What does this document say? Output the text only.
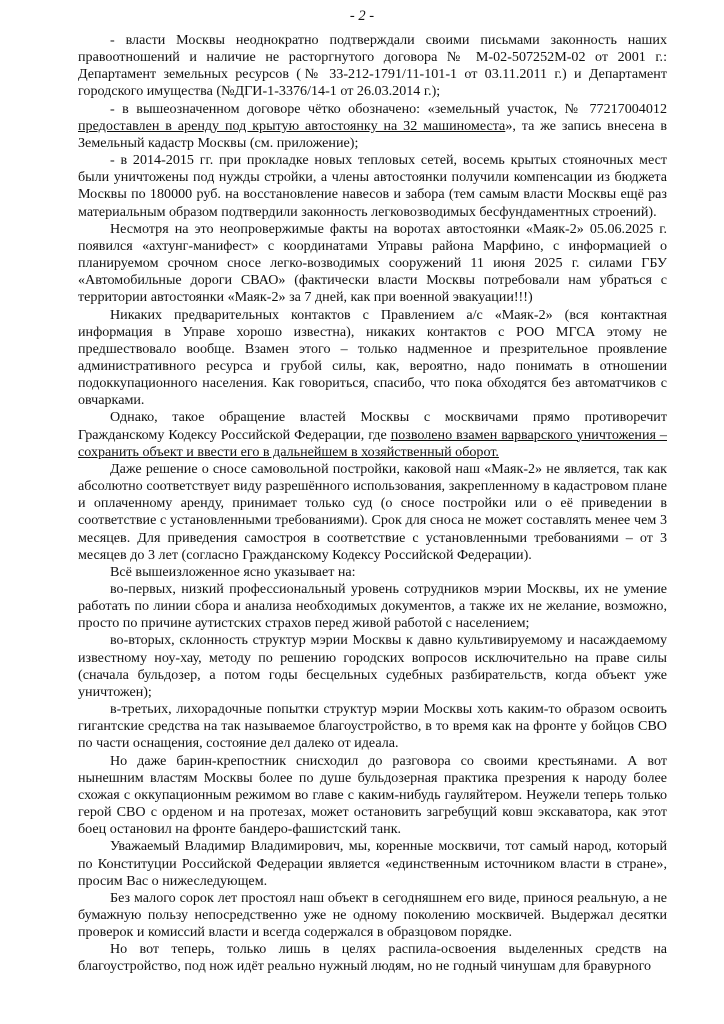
- 2 -

- власти Москвы неоднократно подтверждали своими письмами законность наших правоотношений и наличие не расторгнутого договора № М-02-507252М-02 от 2001 г.: Департамент земельных ресурсов (№ 33-212-1791/11-101-1 от 03.11.2011 г.) и Департамент городского имущества (№ДГИ-1-3376/14-1 от 26.03.2014 г.);

- в вышеозначенном договоре чётко обозначено: «земельный участок, № 77217004012 предоставлен в аренду под крытую автостоянку на 32 машиноместа», та же запись внесена в Земельный кадастр Москвы (см. приложение);

- в 2014-2015 гг. при прокладке новых тепловых сетей, восемь крытых стояночных мест были уничтожены под нужды стройки, а члены автостоянки получили компенсации из бюджета Москвы по 180000 руб. на восстановление навесов и забора (тем самым власти Москвы ещё раз материальным образом подтвердили законность легковозводимых бесфундаментных строений).

Несмотря на это неопровержимые факты на воротах автостоянки «Маяк-2» 05.06.2025 г. появился «ахтунг-манифест» с координатами Управы района Марфино, с информацией о планируемом срочном сносе легко-возводимых сооружений 11 июня 2025 г. силами ГБУ «Автомобильные дороги СВАО» (фактически власти Москвы потребовали нам убраться с территории автостоянки «Маяк-2» за 7 дней, как при военной эвакуации!!!)

Никаких предварительных контактов с Правлением а/с «Маяк-2» (вся контактная информация в Управе хорошо известна), никаких контактов с РОО МГСА этому не предшествовало вообще. Взамен этого – только надменное и презрительное проявление административного ресурса и грубой силы, как, вероятно, надо понимать в отношении подоккупационного населения. Как говориться, спасибо, что пока обходятся без автоматчиков с овчарками.

Однако, такое обращение властей Москвы с москвичами прямо противоречит Гражданскому Кодексу Российской Федерации, где позволено взамен варварского уничтожения – сохранить объект и ввести его в дальнейшем в хозяйственный оборот.

Даже решение о сносе самовольной постройки, каковой наш «Маяк-2» не является, так как абсолютно соответствует виду разрешённого использования, закрепленному в кадастровом плане и оплаченному аренду, принимает только суд (о сносе постройки или о её приведении в соответствие с установленными требованиями). Срок для сноса не может составлять менее чем 3 месяцев. Для приведения самостроя в соответствие с установленными требованиями – от 3 месяцев до 3 лет (согласно Гражданскому Кодексу Российской Федерации).

Всё вышеизложенное ясно указывает на:

во-первых, низкий профессиональный уровень сотрудников мэрии Москвы, их не умение работать по линии сбора и анализа необходимых документов, а также их не желание, возможно, просто по причине аутистских страхов перед живой работой с населением;

во-вторых, склонность структур мэрии Москвы к давно культивируемому и насаждаемому известному ноу-хау, методу по решению городских вопросов исключительно на праве силы (сначала бульдозер, а потом годы бесцельных судебных разбирательств, когда объект уже уничтожен);

в-третьих, лихорадочные попытки структур мэрии Москвы хоть каким-то образом освоить гигантские средства на так называемое благоустройство, в то время как на фронте у бойцов СВО по части оснащения, состояние дел далеко от идеала.

Но даже барин-крепостник снисходил до разговора со своими крестьянами. А вот нынешним властям Москвы более по душе бульдозерная практика презрения к народу более схожая с оккупационным режимом во главе с каким-нибудь гауляйтером. Неужели теперь только герой СВО с орденом и на протезах, может остановить загребущий ковш экскаватора, как этот боец остановил на фронте бандеро-фашистский танк.

Уважаемый Владимир Владимирович, мы, коренные москвичи, тот самый народ, который по Конституции Российской Федерации является «единственным источником власти в стране», просим Вас о нижеследующем.

Без малого сорок лет простоял наш объект в сегодняшнем его виде, принося реальную, а не бумажную пользу непосредственно уже не одному поколению москвичей. Выдержал десятки проверок и комиссий власти и всегда содержался в образцовом порядке.

Но вот теперь, только лишь в целях распила-освоения выделенных средств на благоустройство, под нож идёт реально нужный людям, но не годный чинушам для бравурного
